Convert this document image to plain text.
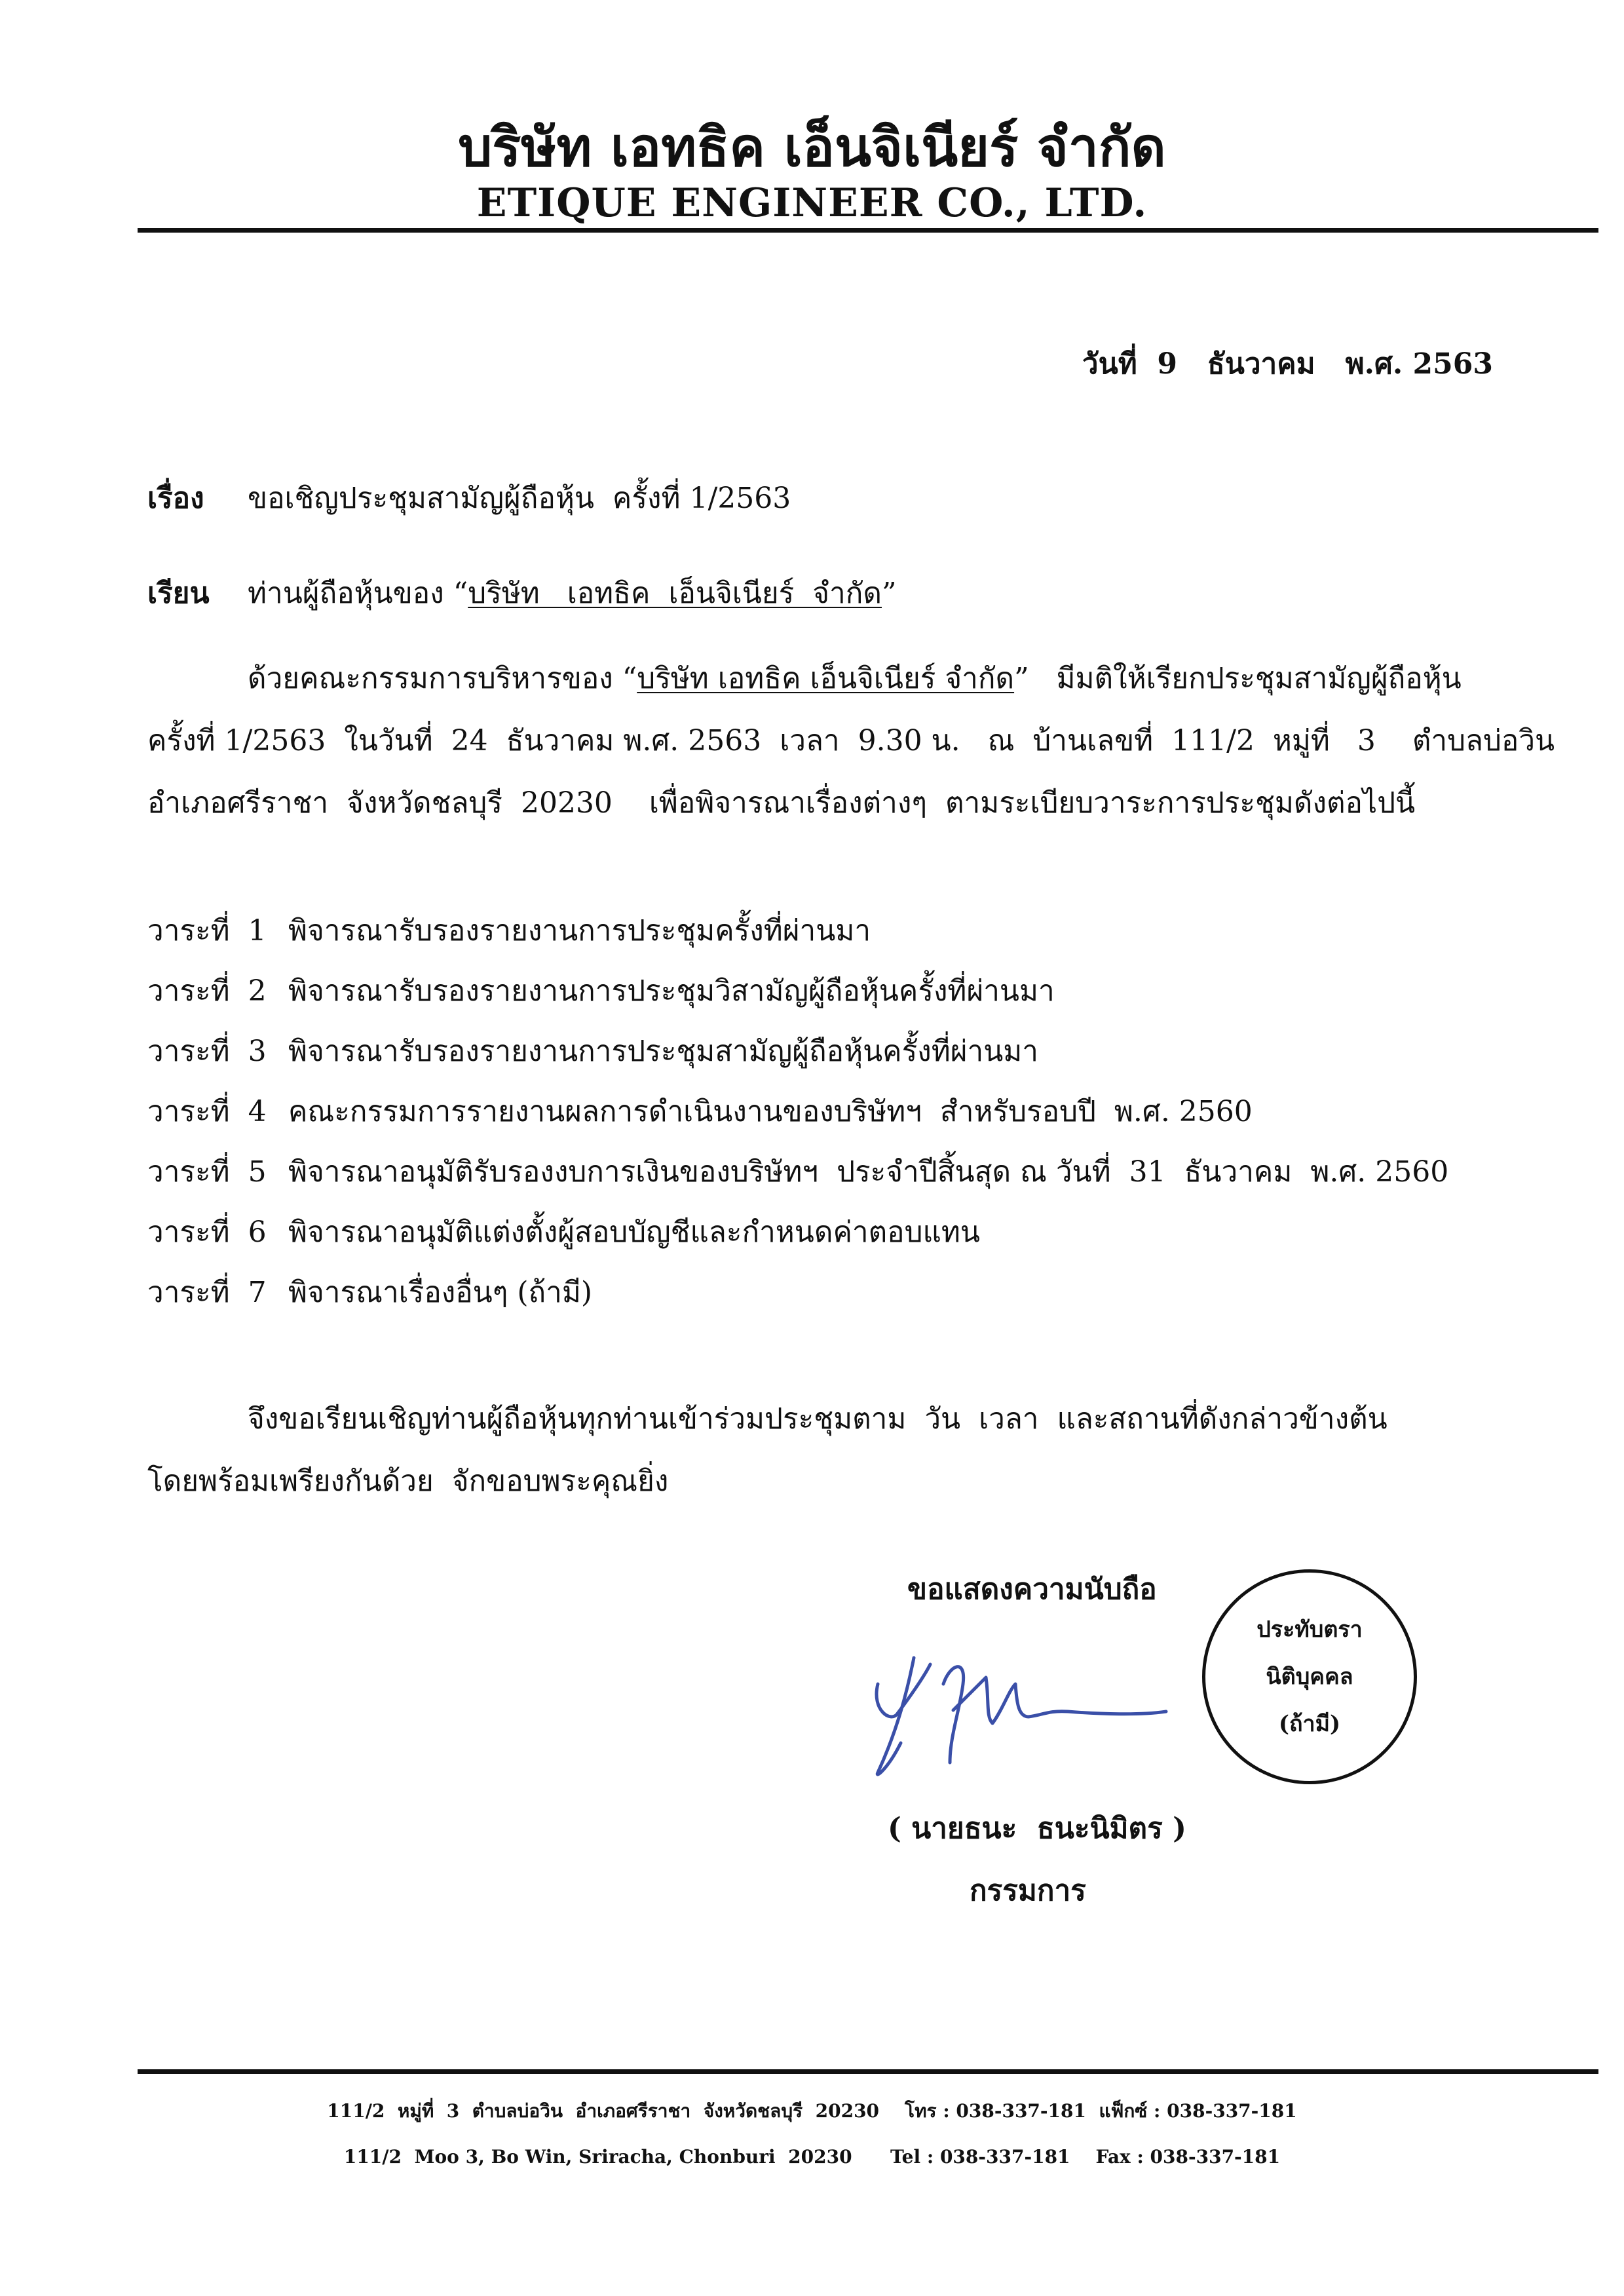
บริษัท เอทธิค เอ็นจิเนียร์ จำกัด
ETIQUE ENGINEER CO., LTD.
วันที่  9   ธันวาคม   พ.ศ. 2563
เรื่อง ขอเชิญประชุมสามัญผู้ถือหุ้น  ครั้งที่ 1/2563
เรียน ท่านผู้ถือหุ้นของ “บริษัท   เอทธิค  เอ็นจิเนียร์  จำกัด”
ด้วยคณะกรรมการบริหารของ “บริษัท เอทธิค เอ็นจิเนียร์ จำกัด”   มีมติให้เรียกประชุมสามัญผู้ถือหุ้น
ครั้งที่ 1/2563  ในวันที่  24  ธันวาคม พ.ศ. 2563  เวลา  9.30 น.   ณ  บ้านเลขที่  111/2  หมู่ที่   3    ตำบลบ่อวิน
อำเภอศรีราชา  จังหวัดชลบุรี  20230    เพื่อพิจารณาเรื่องต่างๆ  ตามระเบียบวาระการประชุมดังต่อไปนี้
วาระที่  1 พิจารณารับรองรายงานการประชุมครั้งที่ผ่านมา
วาระที่  2 พิจารณารับรองรายงานการประชุมวิสามัญผู้ถือหุ้นครั้งที่ผ่านมา
วาระที่  3 พิจารณารับรองรายงานการประชุมสามัญผู้ถือหุ้นครั้งที่ผ่านมา
วาระที่  4 คณะกรรมการรายงานผลการดำเนินงานของบริษัทฯ  สำหรับรอบปี  พ.ศ. 2560
วาระที่  5 พิจารณาอนุมัติรับรองงบการเงินของบริษัทฯ  ประจำปีสิ้นสุด ณ วันที่  31  ธันวาคม  พ.ศ. 2560
วาระที่  6 พิจารณาอนุมัติแต่งตั้งผู้สอบบัญชีและกำหนดค่าตอบแทน
วาระที่  7 พิจารณาเรื่องอื่นๆ (ถ้ามี)
จึงขอเรียนเชิญท่านผู้ถือหุ้นทุกท่านเข้าร่วมประชุมตาม  วัน  เวลา  และสถานที่ดังกล่าวข้างต้น
โดยพร้อมเพรียงกันด้วย  จักขอบพระคุณยิ่ง
ขอแสดงความนับถือ
( นายธนะ  ธนะนิมิตร )
กรรมการ
ประทับตรา
นิติบุคคล
(ถ้ามี)
111/2  หมู่ที่  3  ตำบลบ่อวิน  อำเภอศรีราชา  จังหวัดชลบุรี  20230    โทร : 038-337-181  แฟ็กซ์ : 038-337-181
111/2  Moo 3, Bo Win, Sriracha, Chonburi  20230      Tel : 038-337-181    Fax : 038-337-181
